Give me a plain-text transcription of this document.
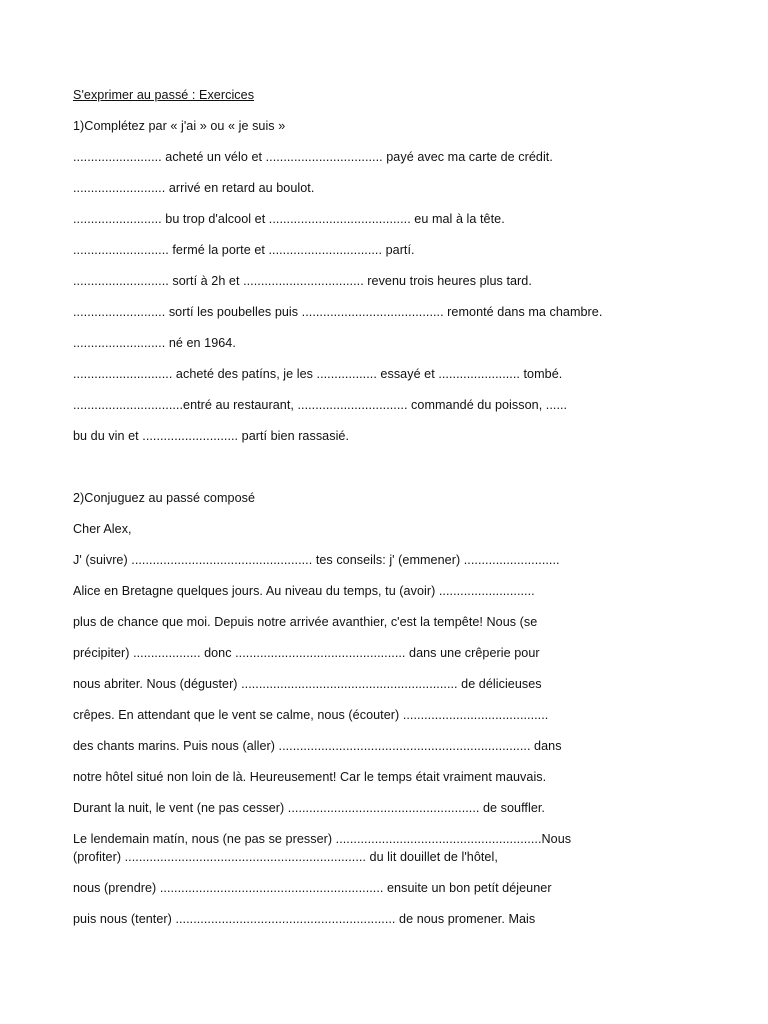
S'exprimer au passé : Exercices
1)Complétez par « j'ai » ou « je suis »
......................... acheté un vélo et ................................. payé avec ma carte de crédit.
.......................... arrivé en retard au boulot.
......................... bu trop d'alcool et ........................................ eu mal à la tête.
........................... fermé la porte et ................................ partí.
........................... sortí à 2h et .................................. revenu trois heures plus tard.
.......................... sortí les poubelles puis ........................................ remonté dans ma chambre.
.......................... né en 1964.
............................ acheté des patíns, je les ................. essayé et ....................... tombé.
...............................entré au restaurant, ............................... commandé du poisson, ......
bu du vin et ........................... partí bien rassasié.
2)Conjuguez au passé composé
Cher Alex,
J' (suivre) ................................................... tes conseils: j' (emmener) ...........................
Alice en Bretagne quelques jours. Au niveau du temps, tu (avoir) ...........................
plus de chance que moi. Depuis notre arrivée avanthier, c'est la tempête! Nous (se
précipiter) ................... donc ................................................ dans une crêperie pour
nous abriter. Nous (déguster) ............................................................. de délicieuses
crêpes. En attendant que le vent se calme, nous (écouter) .........................................
des chants marins. Puis nous (aller) ....................................................................... dans
notre hôtel situé non loin de là. Heureusement! Car le temps était vraiment mauvais.
Durant la nuit, le vent (ne pas cesser) ...................................................... de souffler.
Le lendemain matín, nous (ne pas se presser) ..........................................................Nous
(profiter) .................................................................... du lit douillet de l'hôtel,
nous (prendre) ............................................................... ensuite un bon petít déjeuner
puis nous (tenter) .............................................................. de nous promener. Mais
